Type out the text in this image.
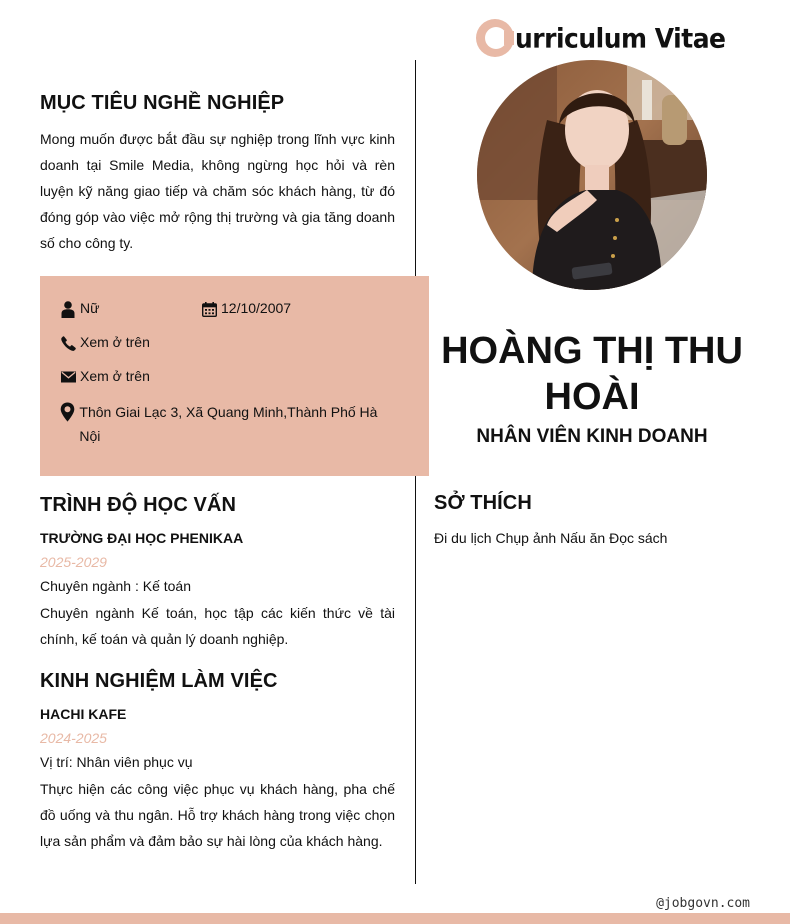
urriculum Vitae
MỤC TIÊU NGHỀ NGHIỆP
Mong muốn được bắt đầu sự nghiệp trong lĩnh vực kinh doanh tại Smile Media, không ngừng học hỏi và rèn luyện kỹ năng giao tiếp và chăm sóc khách hàng, từ đó đóng góp vào việc mở rộng thị trường và gia tăng doanh số cho công ty.
Nữ	12/10/2007
Xem ở trên
Xem ở trên
Thôn Giai Lạc 3, Xã Quang Minh,Thành Phố Hà Nội
TRÌNH ĐỘ HỌC VẤN
TRƯỜNG ĐẠI HỌC PHENIKAA
2025-2029
Chuyên ngành : Kế toán
Chuyên ngành Kế toán, học tập các kiến thức về tài chính, kế toán và quản lý doanh nghiệp.
KINH NGHIỆM LÀM VIỆC
HACHI KAFE
2024-2025
Vị trí: Nhân viên phục vụ
Thực hiện các công việc phục vụ khách hàng, pha chế đồ uống và thu ngân. Hỗ trợ khách hàng trong việc chọn lựa sản phẩm và đảm bảo sự hài lòng của khách hàng.
HOÀNG THỊ THU HOÀI
NHÂN VIÊN KINH DOANH
SỞ THÍCH
Đi du lịch Chụp ảnh Nấu ăn Đọc sách
@jobgovn.com
